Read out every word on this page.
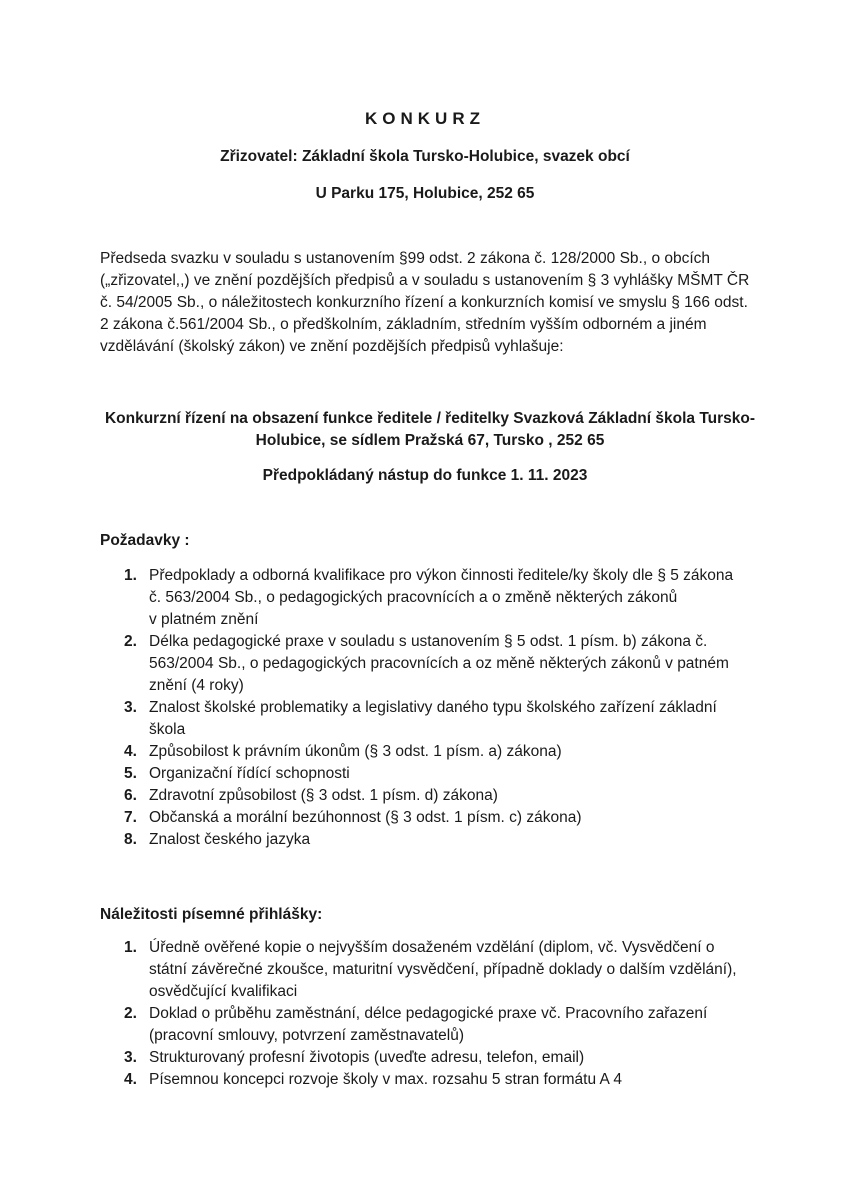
KONKURZ
Zřizovatel: Základní škola Tursko-Holubice, svazek obcí
U Parku 175, Holubice, 252 65
Předseda svazku v souladu s ustanovením §99 odst. 2 zákona č. 128/2000 Sb., o obcích
(„zřizovatel,,) ve znění pozdějších předpisů a v souladu s ustanovením § 3 vyhlášky MŠMT ČR
č. 54/2005 Sb., o náležitostech konkurzního řízení a konkurzních komisí ve smyslu § 166 odst.
2 zákona č.561/2004 Sb., o předškolním, základním, středním vyšším odborném a jiném
vzdělávání (školský zákon) ve znění pozdějších předpisů vyhlašuje:
Konkurzní řízení na obsazení funkce ředitele / ředitelky Svazková Základní škola Tursko-
Holubice, se sídlem Pražská 67, Tursko , 252 65
Předpokládaný nástup do funkce 1. 11. 2023
Požadavky :
1. Předpoklady a odborná kvalifikace pro výkon činnosti ředitele/ky školy dle § 5 zákona
č. 563/2004 Sb., o pedagogických pracovnících a o změně některých zákonů
v platném znění
2. Délka pedagogické praxe v souladu s ustanovením § 5 odst. 1 písm. b) zákona č.
563/2004 Sb., o pedagogických pracovnících a oz měně některých zákonů v patném
znění (4 roky)
3. Znalost školské problematiky a legislativy daného typu školského zařízení základní
škola
4. Způsobilost k právním úkonům (§ 3 odst. 1 písm. a) zákona)
5. Organizační řídící schopnosti
6. Zdravotní způsobilost (§ 3 odst. 1 písm. d) zákona)
7. Občanská a morální bezúhonnost (§ 3 odst. 1 písm. c) zákona)
8. Znalost českého jazyka
Náležitosti písemné přihlášky:
1. Úředně ověřené kopie o nejvyšším dosaženém vzdělání (diplom, vč. Vysvědčení o
státní závěrečné zkoušce, maturitní vysvědčení, případně doklady o dalším vzdělání),
osvědčující kvalifikaci
2. Doklad o průběhu zaměstnání, délce pedagogické praxe vč. Pracovního zařazení
(pracovní smlouvy, potvrzení zaměstnavatelů)
3. Strukturovaný profesní životopis (uveďte adresu, telefon, email)
4. Písemnou koncepci rozvoje školy v max. rozsahu 5 stran formátu A 4
